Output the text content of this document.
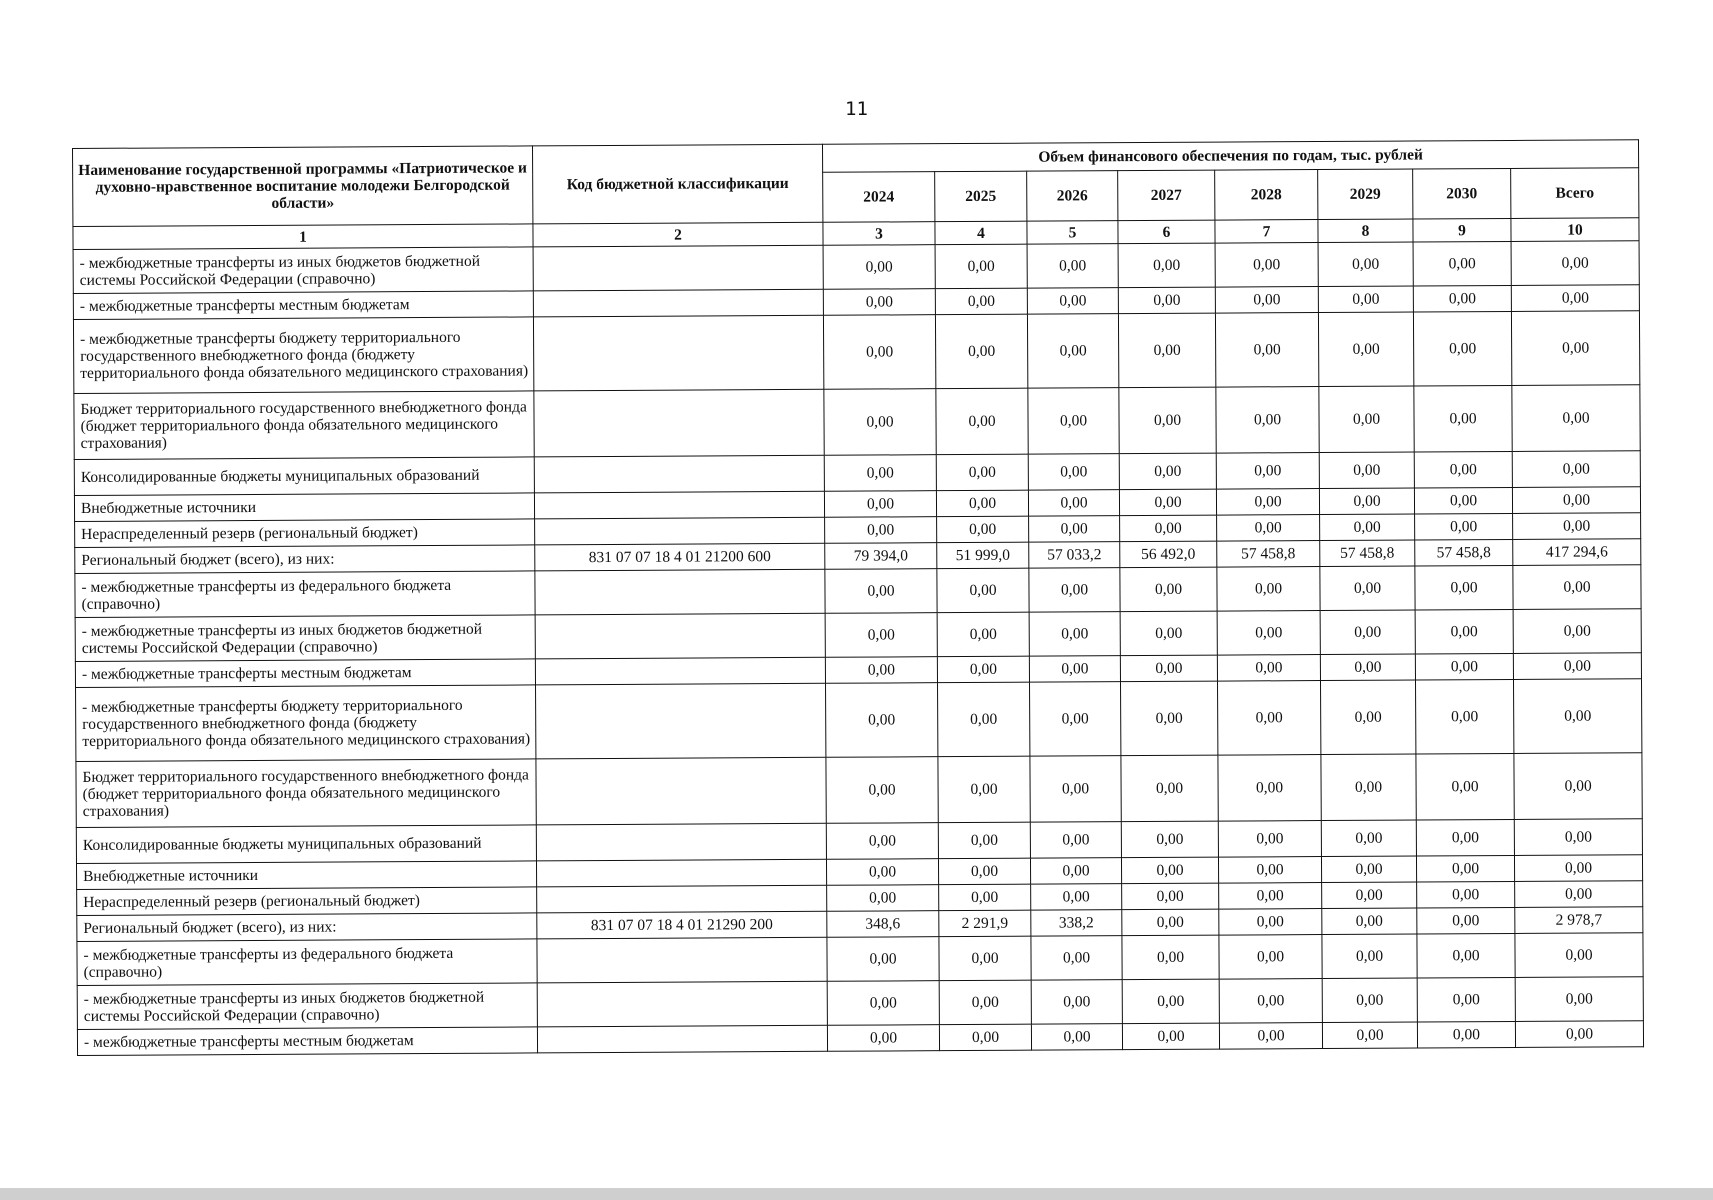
11
Наименование государственной программы «Патриотическое и духовно-нравственное воспитание молодежи Белгородской области»	Код бюджетной классификации	Объем финансового обеспечения по годам, тыс. рублей							
		2024	2025	2026	2027	2028	2029	2030	Всего
1	2	3	4	5	6	7	8	9	10
- межбюджетные трансферты из иных бюджетов бюджетной системы Российской Федерации (справочно)		0,00	0,00	0,00	0,00	0,00	0,00	0,00	0,00
- межбюджетные трансферты местным бюджетам		0,00	0,00	0,00	0,00	0,00	0,00	0,00	0,00
- межбюджетные трансферты бюджету территориального государственного внебюджетного фонда (бюджету территориального фонда обязательного медицинского страхования)		0,00	0,00	0,00	0,00	0,00	0,00	0,00	0,00
Бюджет территориального государственного внебюджетного фонда (бюджет территориального фонда обязательного медицинского страхования)		0,00	0,00	0,00	0,00	0,00	0,00	0,00	0,00
Консолидированные бюджеты муниципальных образований		0,00	0,00	0,00	0,00	0,00	0,00	0,00	0,00
Внебюджетные источники		0,00	0,00	0,00	0,00	0,00	0,00	0,00	0,00
Нераспределенный резерв (региональный бюджет)		0,00	0,00	0,00	0,00	0,00	0,00	0,00	0,00
Региональный бюджет (всего), из них:	831 07 07 18 4 01 21200 600	79 394,0	51 999,0	57 033,2	56 492,0	57 458,8	57 458,8	57 458,8	417 294,6
- межбюджетные трансферты из федерального бюджета (справочно)		0,00	0,00	0,00	0,00	0,00	0,00	0,00	0,00
- межбюджетные трансферты из иных бюджетов бюджетной системы Российской Федерации (справочно)		0,00	0,00	0,00	0,00	0,00	0,00	0,00	0,00
- межбюджетные трансферты местным бюджетам		0,00	0,00	0,00	0,00	0,00	0,00	0,00	0,00
- межбюджетные трансферты бюджету территориального государственного внебюджетного фонда (бюджету территориального фонда обязательного медицинского страхования)		0,00	0,00	0,00	0,00	0,00	0,00	0,00	0,00
Бюджет территориального государственного внебюджетного фонда (бюджет территориального фонда обязательного медицинского страхования)		0,00	0,00	0,00	0,00	0,00	0,00	0,00	0,00
Консолидированные бюджеты муниципальных образований		0,00	0,00	0,00	0,00	0,00	0,00	0,00	0,00
Внебюджетные источники		0,00	0,00	0,00	0,00	0,00	0,00	0,00	0,00
Нераспределенный резерв (региональный бюджет)		0,00	0,00	0,00	0,00	0,00	0,00	0,00	0,00
Региональный бюджет (всего), из них:	831 07 07 18 4 01 21290 200	348,6	2 291,9	338,2	0,00	0,00	0,00	0,00	2 978,7
- межбюджетные трансферты из федерального бюджета (справочно)		0,00	0,00	0,00	0,00	0,00	0,00	0,00	0,00
- межбюджетные трансферты из иных бюджетов бюджетной системы Российской Федерации (справочно)		0,00	0,00	0,00	0,00	0,00	0,00	0,00	0,00
- межбюджетные трансферты местным бюджетам		0,00	0,00	0,00	0,00	0,00	0,00	0,00	0,00
